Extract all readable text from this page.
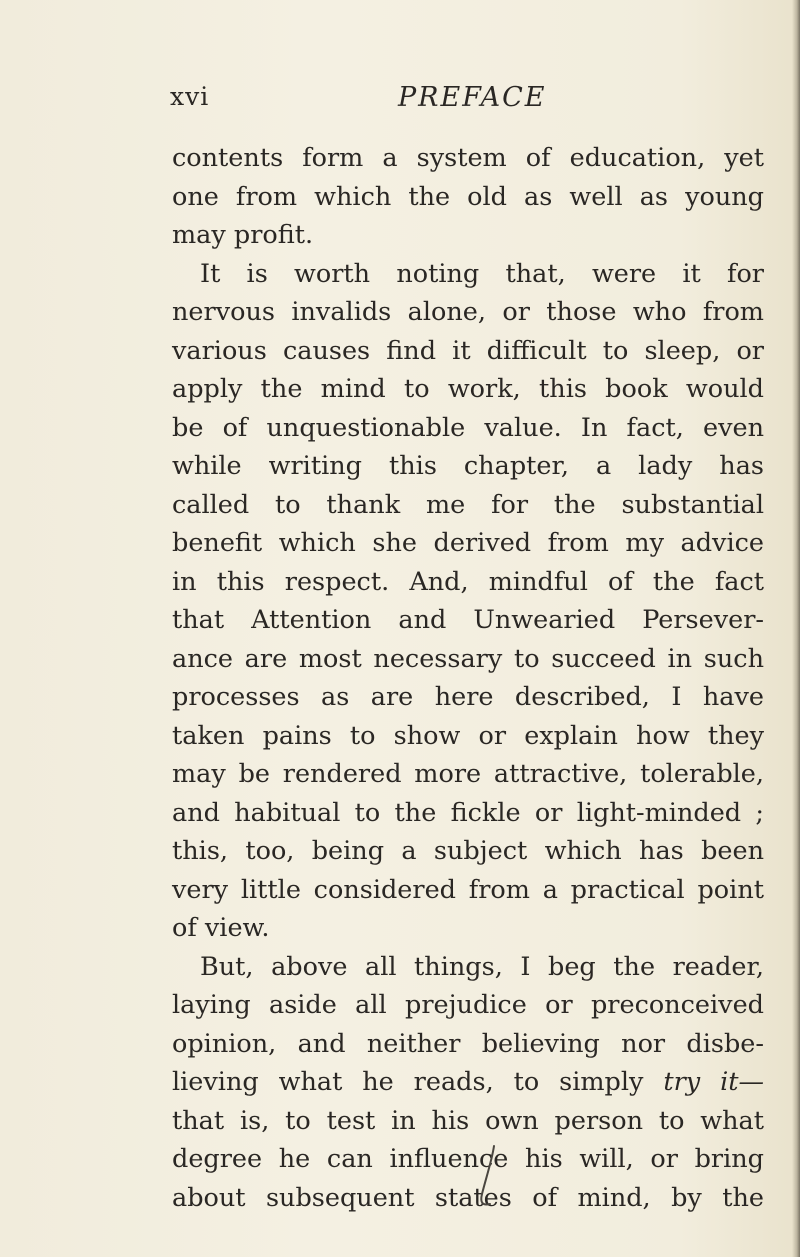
xvi	PREFACE
contents form a system of education, yet
one from which the old as well as young
may profit.
It is worth noting that, were it for
nervous invalids alone, or those who from
various causes find it difficult to sleep, or
apply the mind to work, this book would
be of unquestionable value. In fact, even
while writing this chapter, a lady has
called to thank me for the substantial
benefit which she derived from my advice
in this respect. And, mindful of the fact
that Attention and Unwearied Persever-
ance are most necessary to succeed in such
processes as are here described, I have
taken pains to show or explain how they
may be rendered more attractive, tolerable,
and habitual to the fickle or light-minded ;
this, too, being a subject which has been
very little considered from a practical point
of view.
But, above all things, I beg the reader,
laying aside all prejudice or preconceived
opinion, and neither believing nor disbe-
lieving what he reads, to simply try it—
that is, to test in his own person to what
degree he can influence his will, or bring
about subsequent states of mind, by the
